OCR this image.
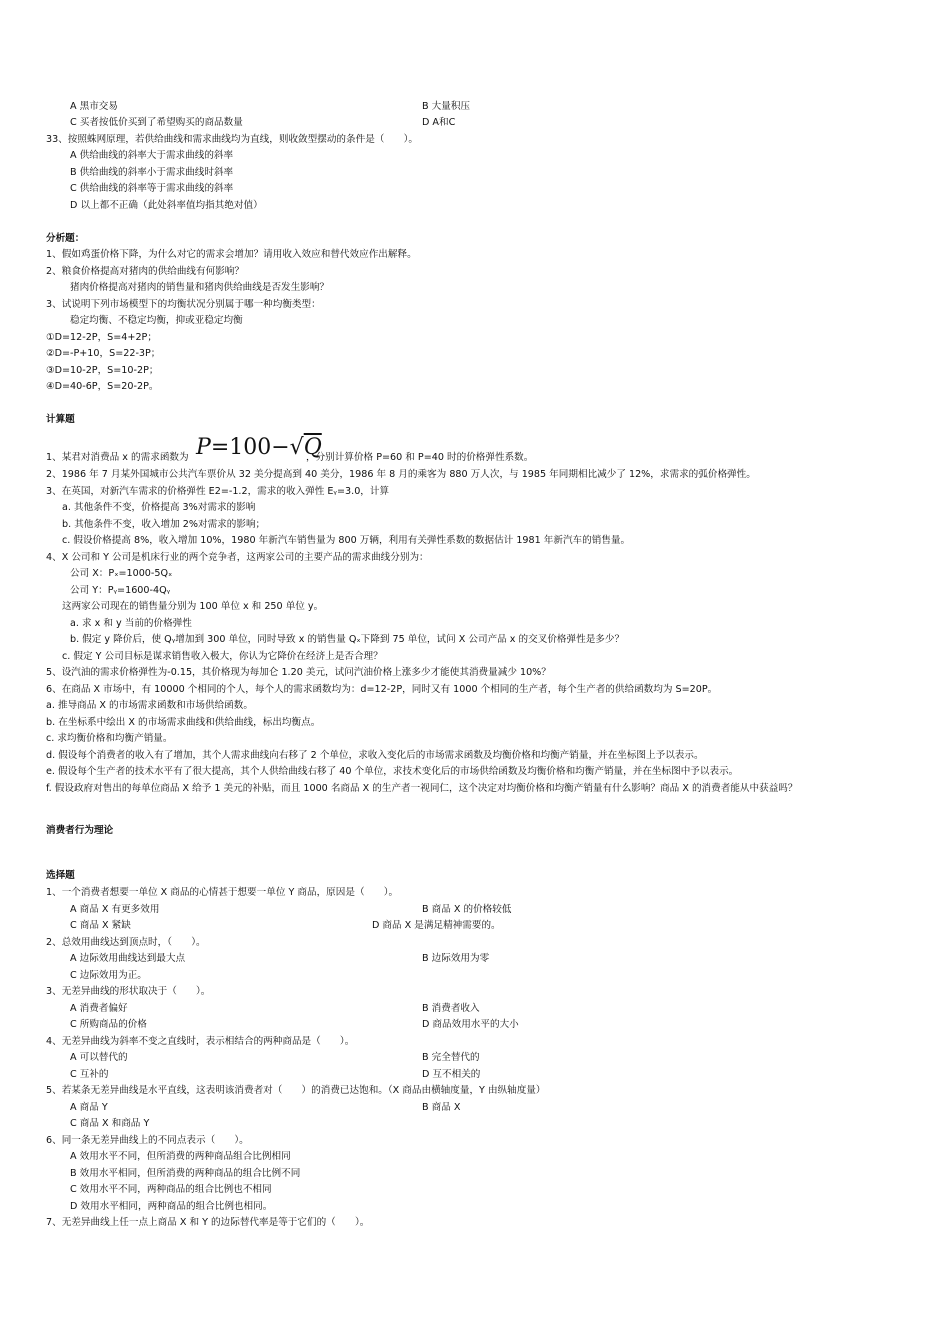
A 黑市交易	B 大量积压
C 买者按低价买到了希望购买的商品数量	D A和C
33、按照蛛网原理，若供给曲线和需求曲线均为直线，则收敛型摆动的条件是（　　）。
A 供给曲线的斜率大于需求曲线的斜率
B 供给曲线的斜率小于需求曲线时斜率
C 供给曲线的斜率等于需求曲线的斜率
D 以上都不正确（此处斜率值均指其绝对值）
分析题：
1、假如鸡蛋价格下降，为什么对它的需求会增加？请用收入效应和替代效应作出解释。
2、粮食价格提高对猪肉的供给曲线有何影响？
猪肉价格提高对猪肉的销售量和猪肉供给曲线是否发生影响？
3、试说明下列市场模型下的均衡状况分别属于哪一种均衡类型：
稳定均衡、不稳定均衡，抑或亚稳定均衡
①D=12-2P，S=4+2P；
②D=-P+10，S=22-3P；
③D=10-2P，S=10-2P；
④D=40-6P，S=20-2P。
计算题
1、某君对消费品 x 的需求函数为 P=100−√Q
，分别计算价格 P=60 和 P=40 时的价格弹性系数。
2、1986 年 7 月某外国城市公共汽车票价从 32 美分提高到 40 美分，1986 年 8 月的乘客为 880 万人次，与 1985 年同期相比减少了 12%，求需求的弧价格弹性。
3、在英国，对新汽车需求的价格弹性 E2=-1.2，需求的收入弹性 Eᵧ=3.0，计算
a. 其他条件不变，价格提高 3%对需求的影响
b. 其他条件不变，收入增加 2%对需求的影响；
c. 假设价格提高 8%，收入增加 10%，1980 年新汽车销售量为 800 万辆，利用有关弹性系数的数据估计 1981 年新汽车的销售量。
4、X 公司和 Y 公司是机床行业的两个竞争者，这两家公司的主要产品的需求曲线分别为：
公司 X：Pₓ=1000-5Qₓ
公司 Y：Pᵧ=1600-4Qᵧ
这两家公司现在的销售量分别为 100 单位 x 和 250 单位 y。
a. 求 x 和 y 当前的价格弹性
b. 假定 y 降价后，使 Qᵧ增加到 300 单位，同时导致 x 的销售量 Qₓ下降到 75 单位，试问 X 公司产品 x 的交叉价格弹性是多少？
c. 假定 Y 公司目标是谋求销售收入极大，你认为它降价在经济上是否合理？
5、设汽油的需求价格弹性为-0.15，其价格现为每加仑 1.20 美元，试问汽油价格上涨多少才能使其消费量减少 10%？
6、在商品 X 市场中，有 10000 个相同的个人，每个人的需求函数均为：d=12-2P，同时又有 1000 个相同的生产者，每个生产者的供给函数均为 S=20P。
a. 推导商品 X 的市场需求函数和市场供给函数。
b. 在坐标系中绘出 X 的市场需求曲线和供给曲线，标出均衡点。
c. 求均衡价格和均衡产销量。
d. 假设每个消费者的收入有了增加，其个人需求曲线向右移了 2 个单位，求收入变化后的市场需求函数及均衡价格和均衡产销量，并在坐标图上予以表示。
e. 假设每个生产者的技术水平有了很大提高，其个人供给曲线右移了 40 个单位，求技术变化后的市场供给函数及均衡价格和均衡产销量，并在坐标图中予以表示。
f. 假设政府对售出的每单位商品 X 给予 1 美元的补贴，而且 1000 名商品 X 的生产者一视同仁，这个决定对均衡价格和均衡产销量有什么影响？商品 X 的消费者能从中获益吗？
消费者行为理论
选择题
1、一个消费者想要一单位 X 商品的心情甚于想要一单位 Y 商品，原因是（　　）。
A 商品 X 有更多效用	B 商品 X 的价格较低
C 商品 X 紧缺	D 商品 X 是满足精神需要的。
2、总效用曲线达到顶点时，（　　）。
A 边际效用曲线达到最大点	B 边际效用为零
C 边际效用为正。
3、无差异曲线的形状取决于（　　）。
A 消费者偏好	B 消费者收入
C 所购商品的价格	D 商品效用水平的大小
4、无差异曲线为斜率不变之直线时，表示相结合的两种商品是（　　）。
A 可以替代的	B 完全替代的
C 互补的	D 互不相关的
5、若某条无差异曲线是水平直线，这表明该消费者对（　　）的消费已达饱和。（X 商品由横轴度量，Y 由纵轴度量）
A 商品 Y	B 商品 X
C 商品 X 和商品 Y
6、同一条无差异曲线上的不同点表示（　　）。
A 效用水平不同，但所消费的两种商品组合比例相同
B 效用水平相同，但所消费的两种商品的组合比例不同
C 效用水平不同，两种商品的组合比例也不相同
D 效用水平相同，两种商品的组合比例也相同。
7、无差异曲线上任一点上商品 X 和 Y 的边际替代率是等于它们的（　　）。
